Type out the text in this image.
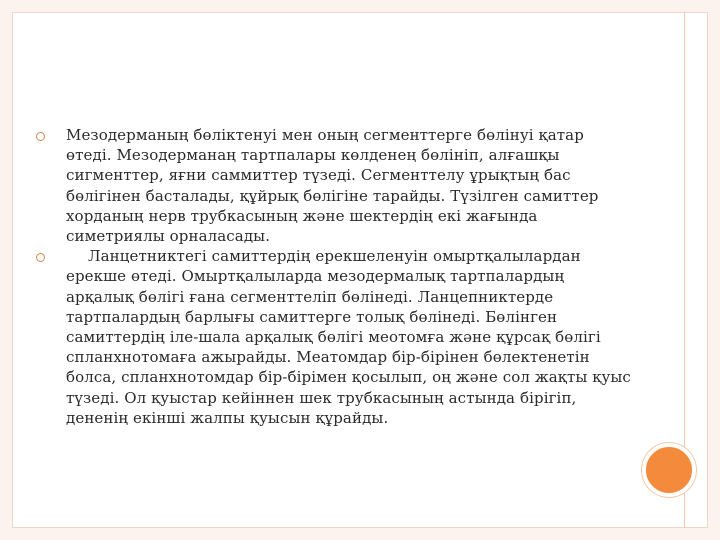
Мезодерманың бөліктенуі мен оның сегменттерге бөлінуі қатар өтеді. Мезодерманаң тартпалары көлденең бөлініп, алғашқы сигменттер, яғни саммиттер түзеді. Сегменттелу ұрықтың бас бөлігінен басталады, құйрық бөлігіне тарайды. Түзілген самиттер хорданың нерв трубкасының және шектердің екі жағында симетриялы орналасады.

Ланцетниктегі самиттердің ерекшеленуін омыртқалылардан ерекше өтеді. Омыртқалыларда мезодермалық тартпалардың арқалық бөлігі ғана сегменттеліп бөлінеді. Ланцепниктерде тартпалардың барлығы самиттерге толық бөлінеді. Бөлінген самиттердің іле-шала арқалық бөлігі меотомға және құрсақ бөлігі спланхнотомаға ажырайды. Меатомдар бір-бірінен бөлектенетін болса, спланхнотомдар бір-бірімен қосылып, оң және сол жақты қуыс түзеді. Ол қуыстар кейіннен шек трубкасының астында бірігіп, дененің екінші жалпы қуысын құрайды.
